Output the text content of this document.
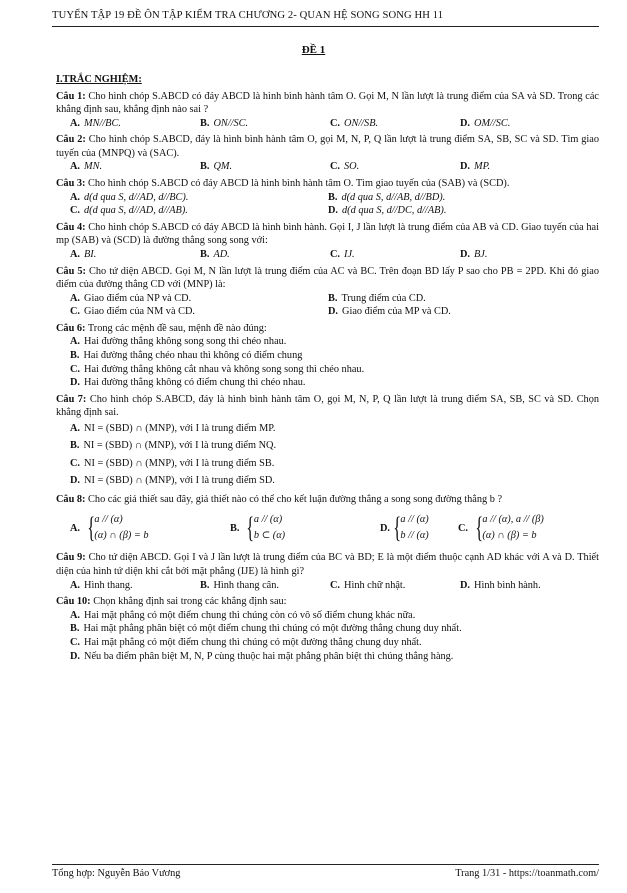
TUYỂN TẬP 19 ĐỀ ÔN TẬP KIỂM TRA CHƯƠNG 2- QUAN HỆ SONG SONG HH 11
ĐỀ 1
I.TRẮC NGHIỆM:
Câu 1: Cho hình chóp S.ABCD có đáy ABCD là hình bình hành tâm O. Gọi M, N lần lượt là trung điểm của SA và SD. Trong các khẳng định sau, khẳng định nào sai ?
A. MN//BC.	B. ON//SC.	C. ON//SB.	D. OM//SC.
Câu 2: Cho hình chóp S.ABCD, đáy là hình bình hành tâm O, gọi M, N, P, Q lần lượt là trung điểm SA, SB, SC và SD. Tìm giao tuyến của (MNPQ) và (SAC).
A. MN.	B. QM.	C. SO.	D. MP.
Câu 3: Cho hình chóp S.ABCD có đáy ABCD là hình bình hành tâm O. Tìm giao tuyến của (SAB) và (SCD).
A. d(d qua S, d//AD, d//BC).	B. d(d qua S, d//AB, d//BD).
C. d(d qua S, d//AD, d//AB).	D. d(d qua S, d//DC, d//AB).
Câu 4: Cho hình chóp S.ABCD có đáy ABCD là hình bình hành. Gọi I, J lần lượt là trung điểm của AB và CD. Giao tuyến của hai mp (SAB) và (SCD) là đường thẳng song song với:
A. BI.	B. AD.	C. IJ.	D. BJ.
Câu 5: Cho tứ diện ABCD. Gọi M, N lần lượt là trung điểm của AC và BC. Trên đoạn BD lấy P sao cho PB = 2PD. Khi đó giao điểm của đường thẳng CD với (MNP) là:
A. Giao điểm của NP và CD.	B. Trung điểm của CD.
C. Giao điểm của NM và CD.	D. Giao điểm của MP và CD.
Câu 6: Trong các mệnh đề sau, mệnh đề nào đúng:
A. Hai đường thẳng không song song thì chéo nhau.
B. Hai đường thẳng chéo nhau thì không có điểm chung
C. Hai đường thẳng không cắt nhau và không song song thì chéo nhau.
D. Hai đường thẳng không có điểm chung thì chéo nhau.
Câu 7: Cho hình chóp S.ABCD, đáy là hình bình hành tâm O, gọi M, N, P, Q lần lượt là trung điểm SA, SB, SC và SD. Chọn khẳng định sai.
A. NI = (SBD) ∩ (MNP), với I là trung điểm MP.
B. NI = (SBD) ∩ (MNP), với I là trung điểm NQ.
C. NI = (SBD) ∩ (MNP), với I là trung điểm SB.
D. NI = (SBD) ∩ (MNP), với I là trung điểm SD.
Câu 8: Cho các giả thiết sau đây, giả thiết nào có thể cho kết luận đường thẳng a song song đường thẳng b ?
A. { a // (α)
(α) ∩ (β) = b
B. { a // (α)
b ⊂ (α)
D. { a // (α)
b // (α)
C. { a // (α), a // (β)
(α) ∩ (β) = b
Câu 9: Cho tứ diện ABCD. Gọi I và J lần lượt là trung điểm của BC và BD; E là một điểm thuộc cạnh AD khác với A và D. Thiết diện của hình tứ diện khi cắt bởi mặt phẳng (IJE) là hình gì?
A. Hình thang.	B. Hình thang cân.	C. Hình chữ nhật.	D. Hình bình hành.
Câu 10: Chọn khẳng định sai trong các khẳng định sau:
A. Hai mặt phẳng có một điểm chung thì chúng còn có vô số điểm chung khác nữa.
B. Hai mặt phẳng phân biệt có một điểm chung thì chúng có một đường thẳng chung duy nhất.
C. Hai mặt phẳng có một điểm chung thì chúng có một đường thẳng chung duy nhất.
D. Nếu ba điểm phân biệt M, N, P cùng thuộc hai mặt phẳng phân biệt thì chúng thẳng hàng.
Tổng hợp: Nguyễn Bảo Vương	Trang 1/31 - https://toanmath.com/
